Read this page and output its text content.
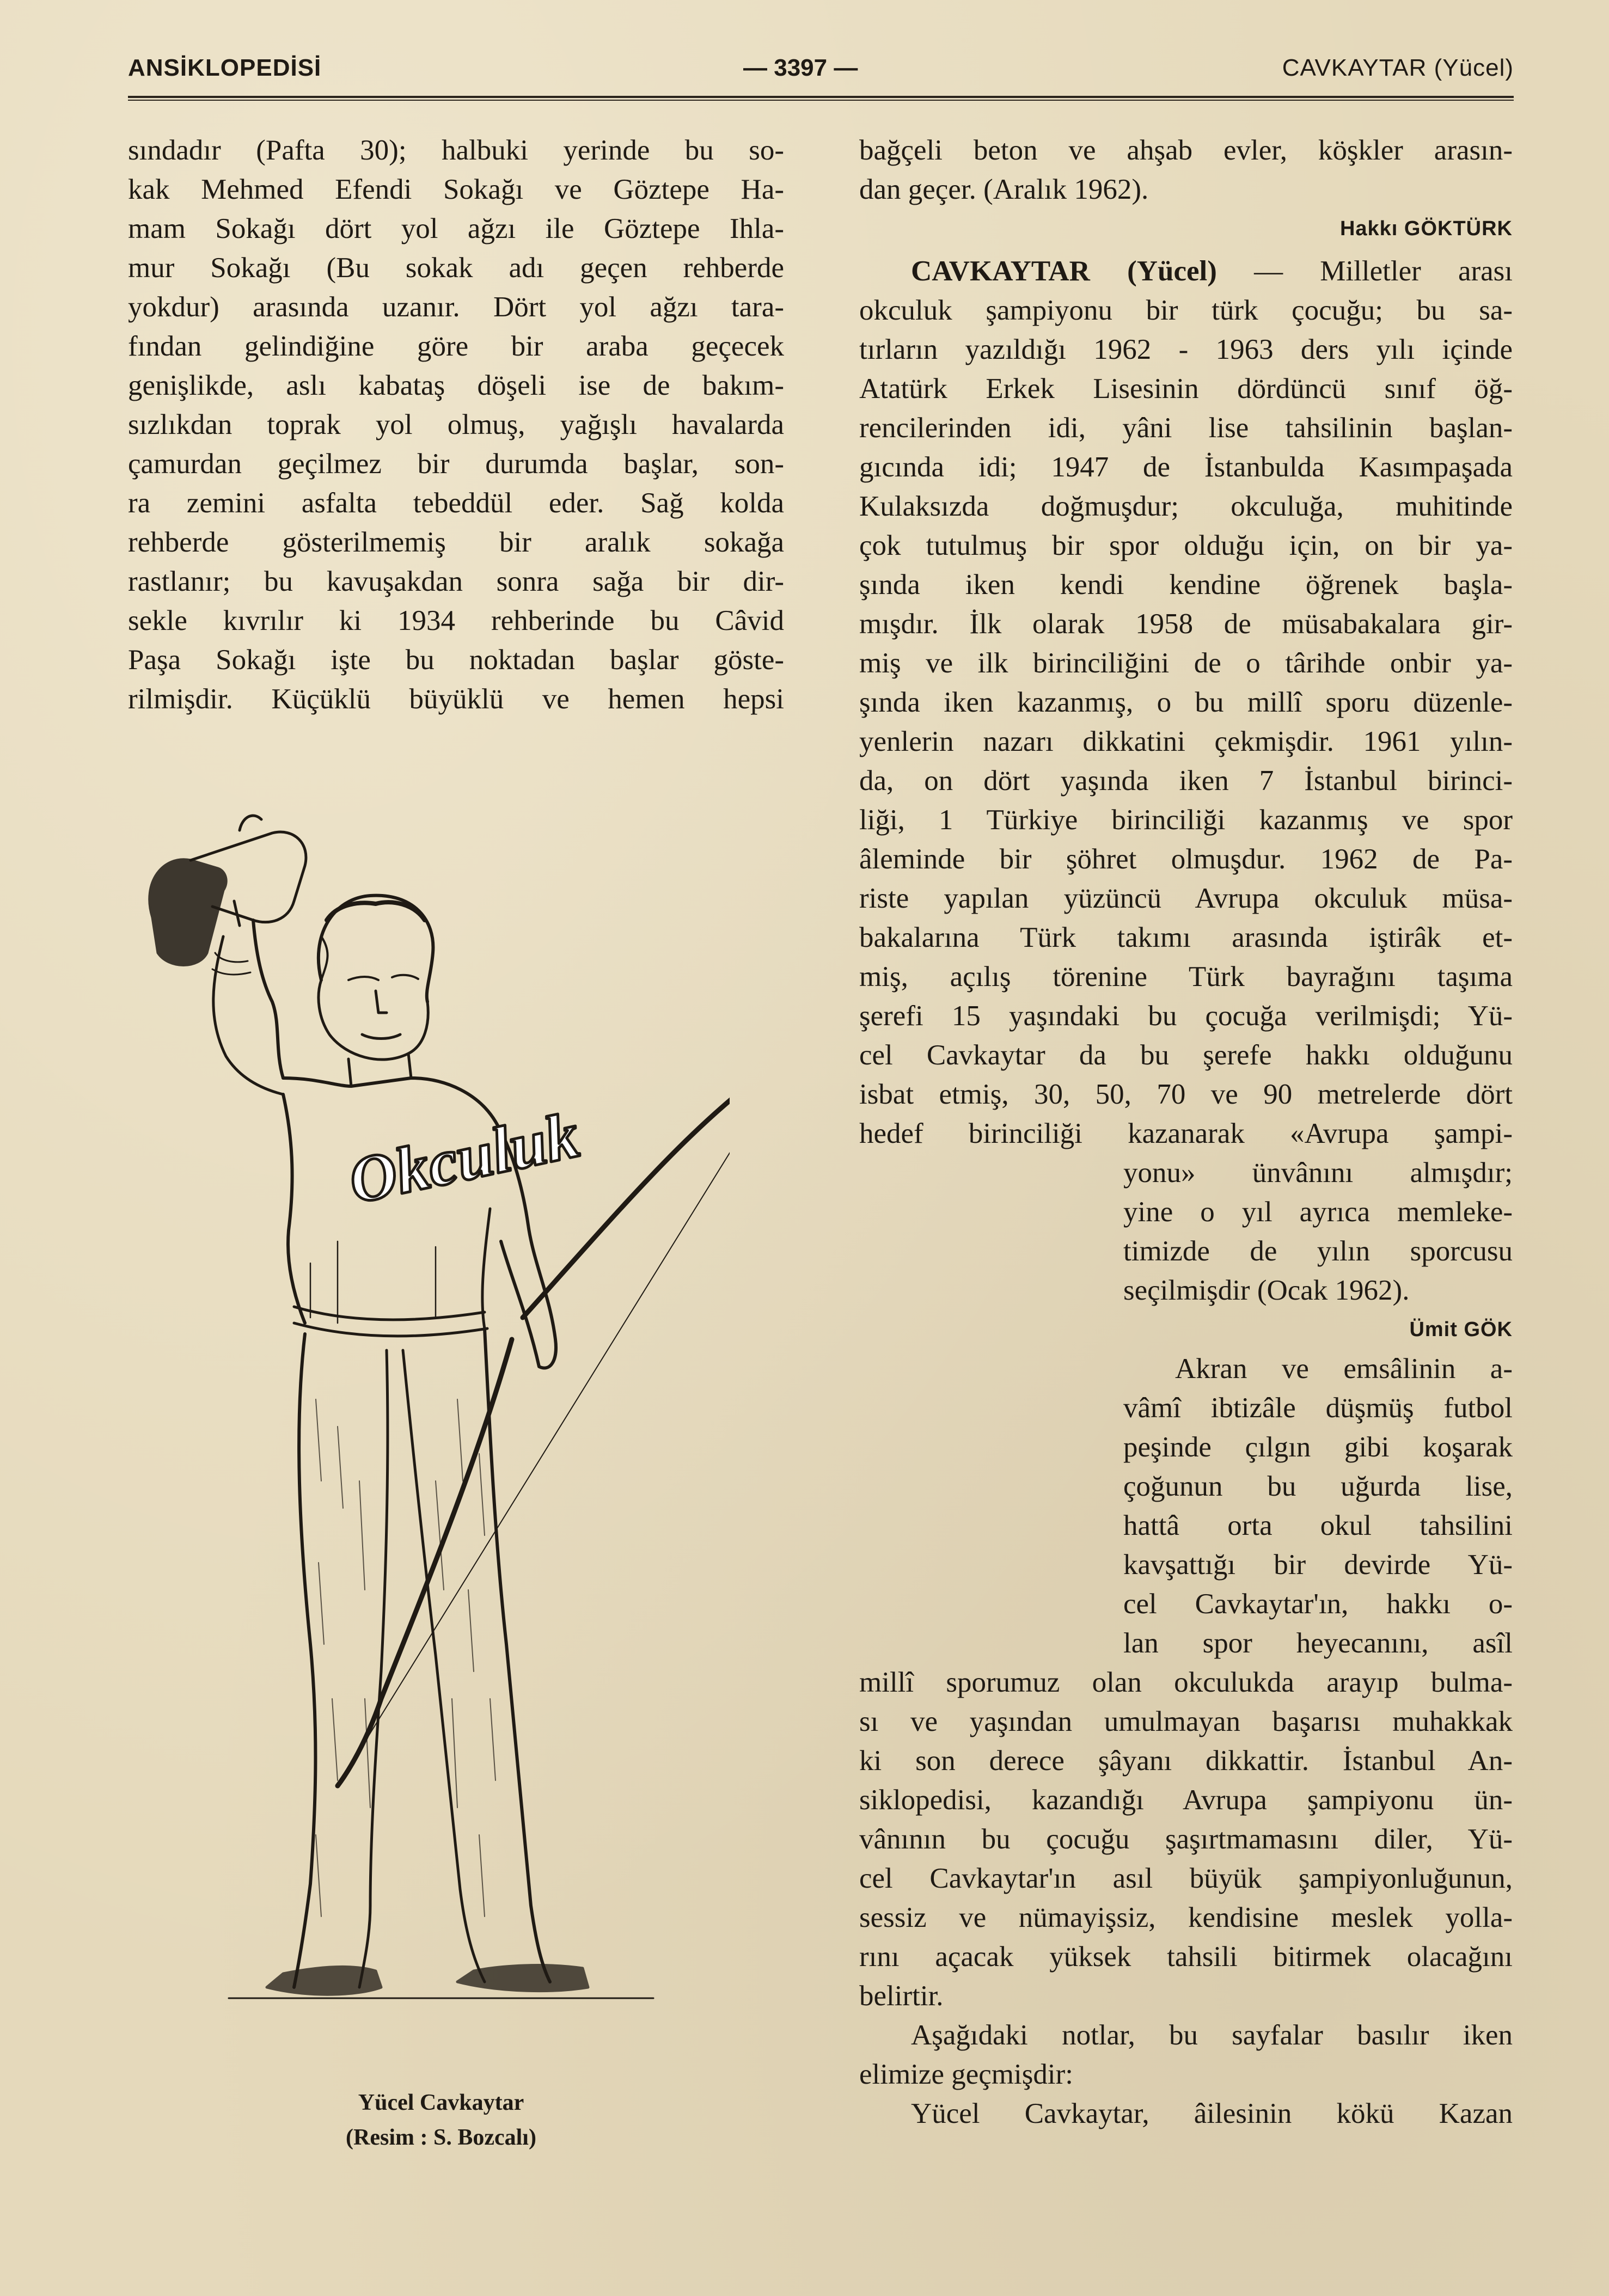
ANSİKLOPEDİSİ	— 3397 —	CAVKAYTAR (Yücel)

sındadır (Pafta 30); halbuki yerinde bu so-

kak Mehmed Efendi Sokağı ve Göztepe Ha-

mam Sokağı dört yol ağzı ile Göztepe Ihla-

mur Sokağı (Bu sokak adı geçen rehberde

yokdur) arasında uzanır. Dört yol ağzı tara-

fından gelindiğine göre bir araba geçecek

genişlikde, aslı kabataş döşeli ise de bakım-

sızlıkdan toprak yol olmuş, yağışlı havalarda

çamurdan geçilmez bir durumda başlar, son-

ra zemini asfalta tebeddül eder. Sağ kolda

rehberde gösterilmemiş bir aralık sokağa

rastlanır; bu kavuşakdan sonra sağa bir dir-

sekle kıvrılır ki 1934 rehberinde bu Câvid

Paşa Sokağı işte bu noktadan başlar göste-

rilmişdir. Küçüklü büyüklü ve hemen hepsi

Okculuk
Yücel Cavkaytar
(Resim : S. Bozcalı)

bağçeli beton ve ahşab evler, köşkler arasın-

dan geçer. (Aralık 1962).

Hakkı GÖKTÜRK

CAVKAYTAR (Yücel) — Milletler arası

okculuk şampiyonu bir türk çocuğu; bu sa-

tırların yazıldığı 1962 - 1963 ders yılı içinde

Atatürk Erkek Lisesinin dördüncü sınıf öğ-

rencilerinden idi, yâni lise tahsilinin başlan-

gıcında idi; 1947 de İstanbulda Kasımpaşada

Kulaksızda doğmuşdur; okculuğa, muhitinde

çok tutulmuş bir spor olduğu için, on bir ya-

şında iken kendi kendine öğrenek başla-

mışdır. İlk olarak 1958 de müsabakalara gir-

miş ve ilk birinciliğini de o târihde onbir ya-

şında iken kazanmış, o bu millî sporu düzenle-

yenlerin nazarı dikkatini çekmişdir. 1961 yılın-

da, on dört yaşında iken 7 İstanbul birinci-

liği, 1 Türkiye birinciliği kazanmış ve spor

âleminde bir şöhret olmuşdur. 1962 de Pa-

riste yapılan yüzüncü Avrupa okculuk müsa-

bakalarına Türk takımı arasında iştirâk et-

miş, açılış törenine Türk bayrağını taşıma

şerefi 15 yaşındaki bu çocuğa verilmişdi; Yü-

cel Cavkaytar da bu şerefe hakkı olduğunu

isbat etmiş, 30, 50, 70 ve 90 metrelerde dört

hedef birinciliği kazanarak «Avrupa şampi-

yonu» ünvânını almışdır;

yine o yıl ayrıca memleke-

timizde de yılın sporcusu

seçilmişdir (Ocak 1962).

Ümit GÖK

Akran ve emsâlinin a-

vâmî ibtizâle düşmüş futbol

peşinde çılgın gibi koşarak

çoğunun bu uğurda lise,

hattâ orta okul tahsilini

kavşattığı bir devirde Yü-

cel Cavkaytar'ın, hakkı o-

lan spor heyecanını, asîl

millî sporumuz olan okculukda arayıp bulma-

sı ve yaşından umulmayan başarısı muhakkak

ki son derece şâyanı dikkattir. İstanbul An-

siklopedisi, kazandığı Avrupa şampiyonu ün-

vânının bu çocuğu şaşırtmamasını diler, Yü-

cel Cavkaytar'ın asıl büyük şampiyonluğunun,

sessiz ve nümayişsiz, kendisine meslek yolla-

rını açacak yüksek tahsili bitirmek olacağını

belirtir.

Aşağıdaki notlar, bu sayfalar basılır iken

elimize geçmişdir:

Yücel Cavkaytar, âilesinin kökü Kazan
